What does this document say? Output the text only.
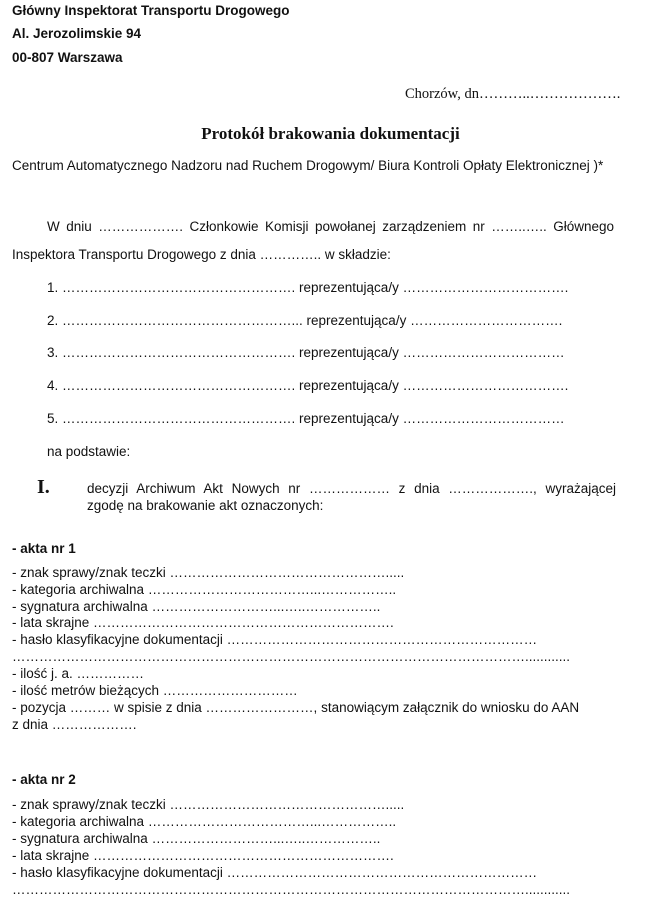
Główny Inspektorat Transportu Drogowego
Al. Jerozolimskie 94
00-807 Warszawa
Chorzów, dn………..……………….
Protokół brakowania dokumentacji
Centrum Automatycznego Nadzoru nad Ruchem Drogowym/ Biura Kontroli Opłaty Elektronicznej )*
W dniu ………………. Członkowie Komisji powołanej zarządzeniem nr ……..….. Głównego
Inspektora Transportu Drogowego z dnia ………….. w składzie:
1. ……………………………………………. reprezentująca/y ……………………………….
2. ……………………………………………... reprezentująca/y …………………………….
3. ……………………………………………. reprezentująca/y ………………………………
4. ……………………………………………. reprezentująca/y ……………………………….
5. ……………………………………………. reprezentująca/y ………………………………
na podstawie:
I.	decyzji Archiwum Akt Nowych nr ……………… z dnia ………………., wyrażającej
zgodę na brakowanie akt oznaczonych:
- akta nr 1
- znak sprawy/znak teczki ………………………………………….....
- kategoria archiwalna ………………………………...……………..
- sygnatura archiwalna ………………………...…..……………..
- lata skrajne ………………………………………………………….
- hasło klasyfikacyjne dokumentacji ……………………………………………………………
……………………………………………………………………………………………………............
- ilość j. a. ……………
- ilość metrów bieżących …………………………
- pozycja ……… w spisie z dnia ……………………, stanowiącym załącznik do wniosku do AAN
z dnia ……………….
- akta nr 2
- znak sprawy/znak teczki ………………………………………….....
- kategoria archiwalna ………………………………...……………..
- sygnatura archiwalna ………………………...…..……………..
- lata skrajne ………………………………………………………….
- hasło klasyfikacyjne dokumentacji ……………………………………………………………
……………………………………………………………………………………………………............
